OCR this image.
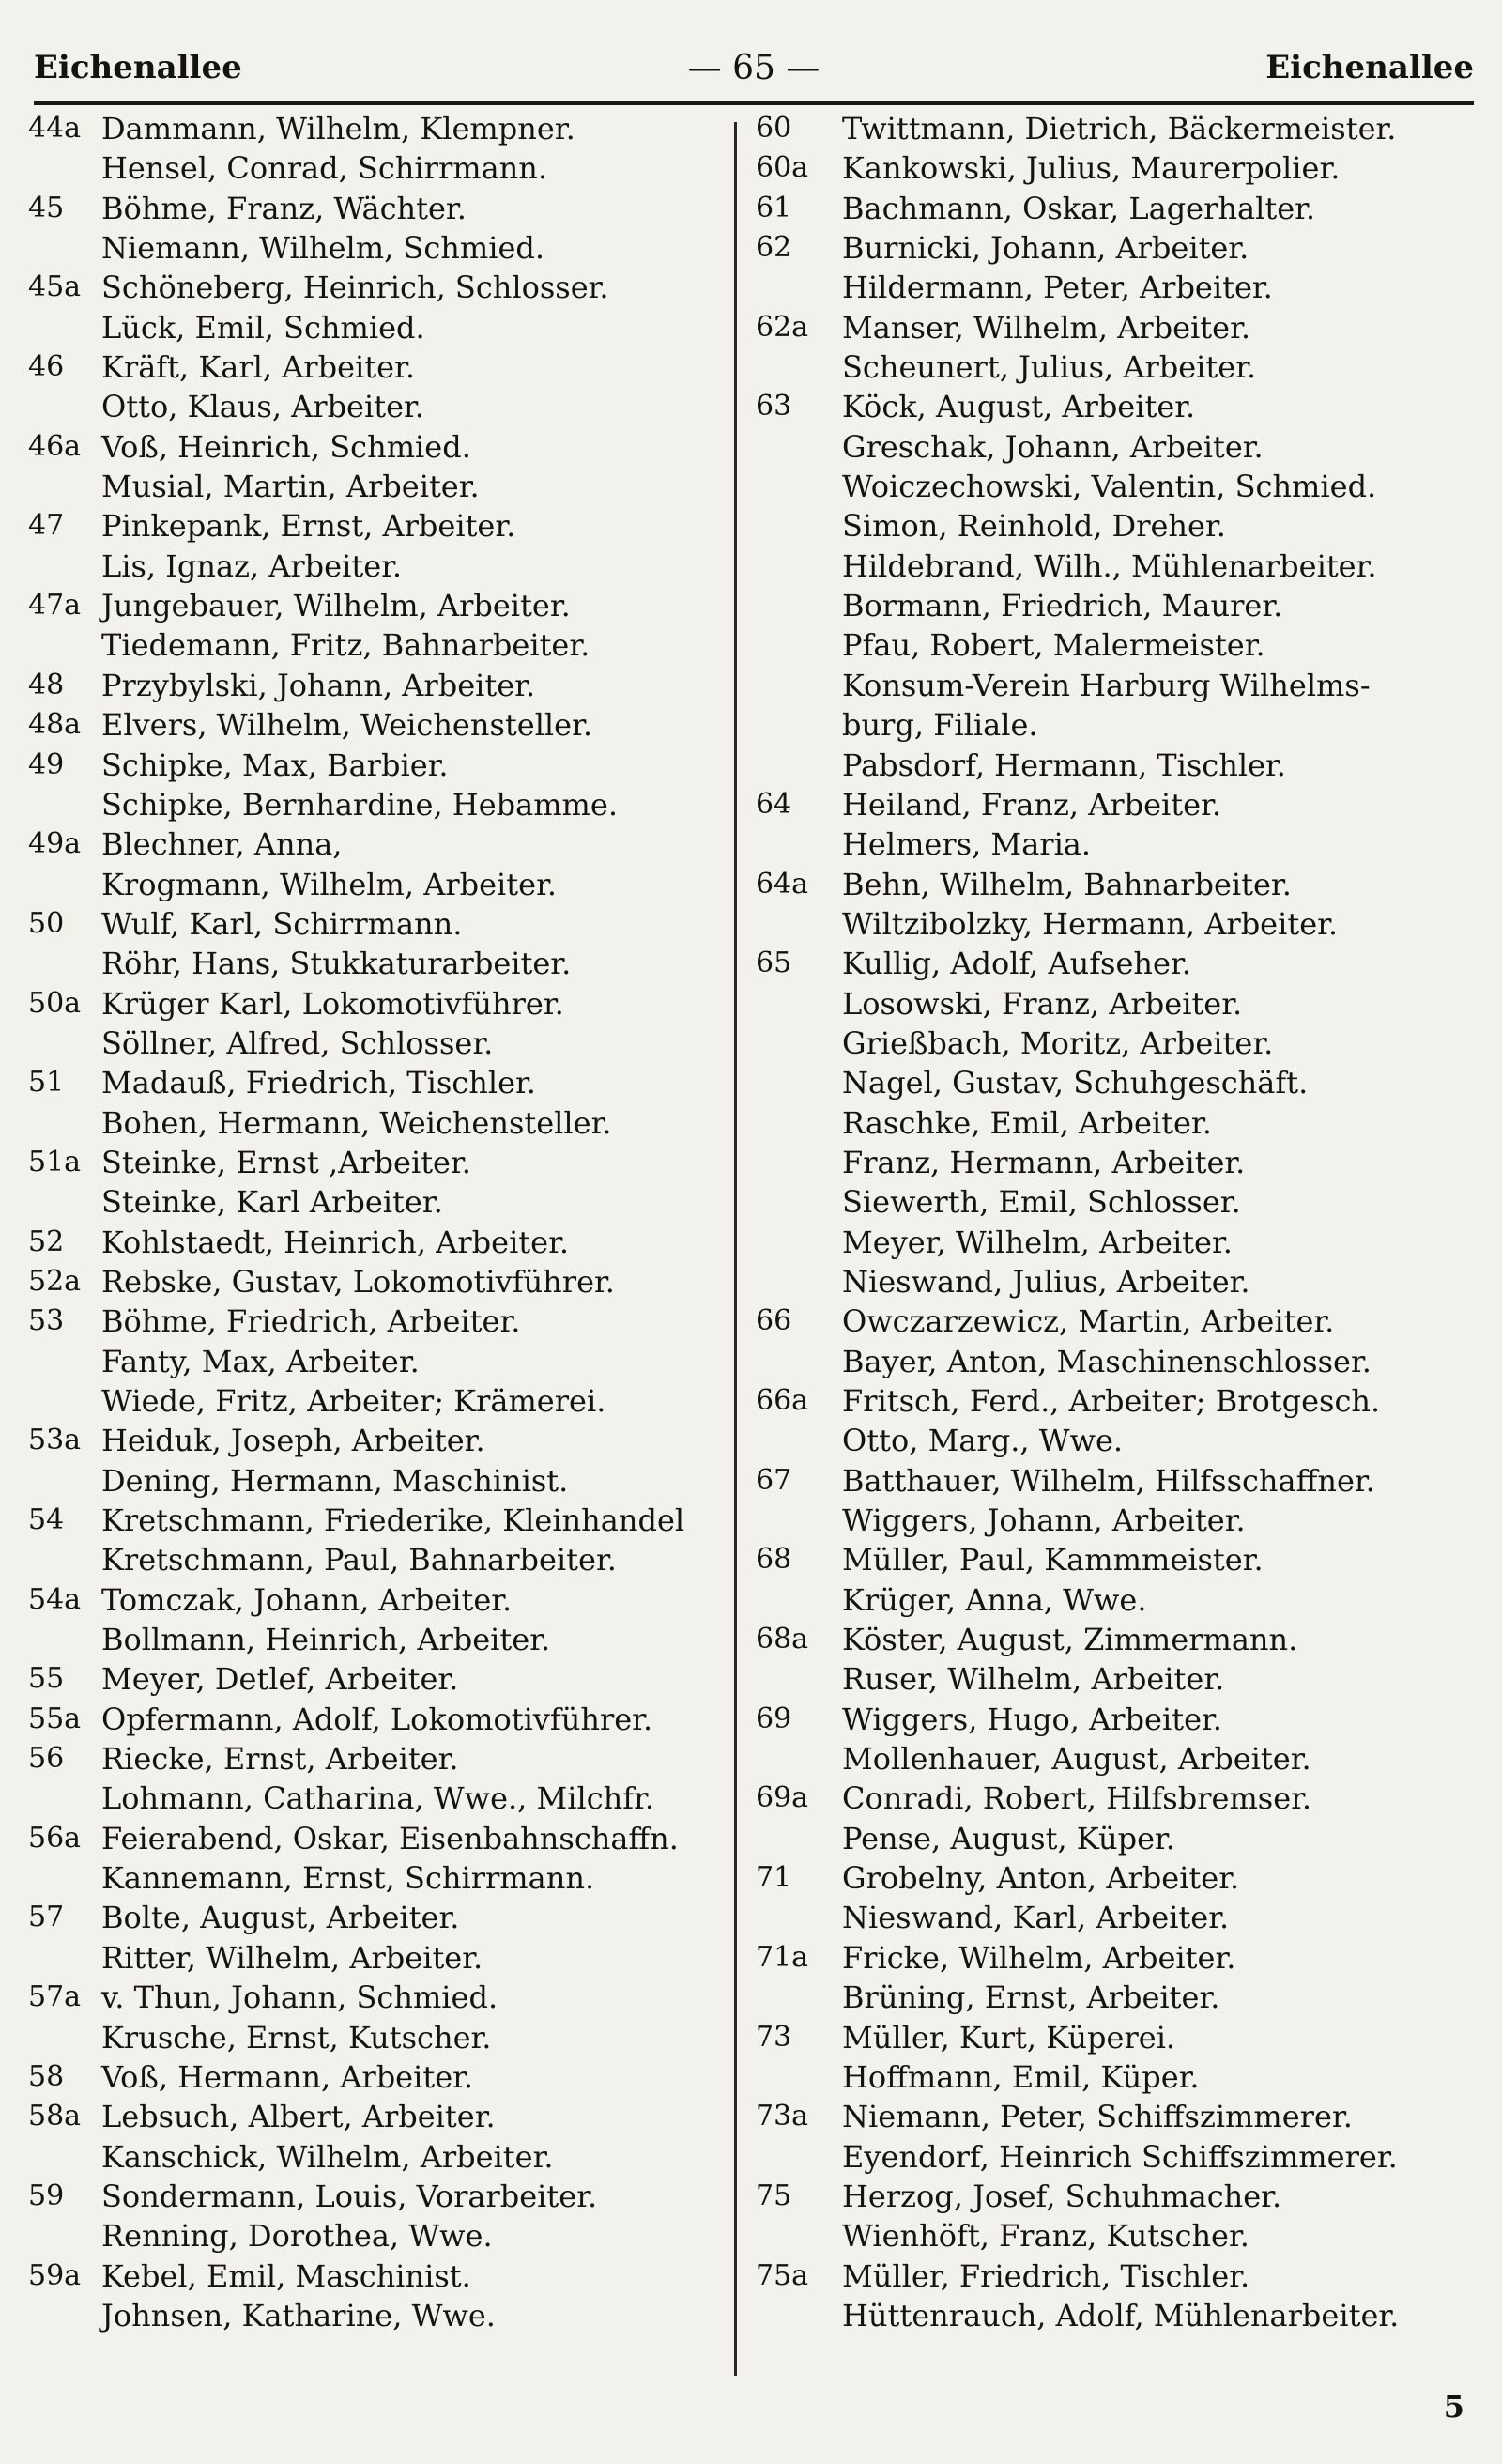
Eichenallee	— 65 —	Eichenallee
44a Dammann, Wilhelm, Klempner.
Hensel, Conrad, Schirrmann.
45 Böhme, Franz, Wächter.
Niemann, Wilhelm, Schmied.
45a Schöneberg, Heinrich, Schlosser.
Lück, Emil, Schmied.
46 Kräft, Karl, Arbeiter.
Otto, Klaus, Arbeiter.
46a Voß, Heinrich, Schmied.
Musial, Martin, Arbeiter.
47 Pinkepank, Ernst, Arbeiter.
Lis, Ignaz, Arbeiter.
47a Jungebauer, Wilhelm, Arbeiter.
Tiedemann, Fritz, Bahnarbeiter.
48 Przybylski, Johann, Arbeiter.
48a Elvers, Wilhelm, Weichensteller.
49 Schipke, Max, Barbier.
Schipke, Bernhardine, Hebamme.
49a Blechner, Anna,
Krogmann, Wilhelm, Arbeiter.
50 Wulf, Karl, Schirrmann.
Röhr, Hans, Stukkaturarbeiter.
50a Krüger Karl, Lokomotivführer.
Söllner, Alfred, Schlosser.
51 Madauß, Friedrich, Tischler.
Bohen, Hermann, Weichensteller.
51a Steinke, Ernst ,Arbeiter.
Steinke, Karl Arbeiter.
52 Kohlstaedt, Heinrich, Arbeiter.
52a Rebske, Gustav, Lokomotivführer.
53 Böhme, Friedrich, Arbeiter.
Fanty, Max, Arbeiter.
Wiede, Fritz, Arbeiter; Krämerei.
53a Heiduk, Joseph, Arbeiter.
Dening, Hermann, Maschinist.
54 Kretschmann, Friederike, Kleinhandel
Kretschmann, Paul, Bahnarbeiter.
54a Tomczak, Johann, Arbeiter.
Bollmann, Heinrich, Arbeiter.
55 Meyer, Detlef, Arbeiter.
55a Opfermann, Adolf, Lokomotivführer.
56 Riecke, Ernst, Arbeiter.
Lohmann, Catharina, Wwe., Milchfr.
56a Feierabend, Oskar, Eisenbahnschaffn.
Kannemann, Ernst, Schirrmann.
57 Bolte, August, Arbeiter.
Ritter, Wilhelm, Arbeiter.
57a v. Thun, Johann, Schmied.
Krusche, Ernst, Kutscher.
58 Voß, Hermann, Arbeiter.
58a Lebsuch, Albert, Arbeiter.
Kanschick, Wilhelm, Arbeiter.
59 Sondermann, Louis, Vorarbeiter.
Renning, Dorothea, Wwe.
59a Kebel, Emil, Maschinist.
Johnsen, Katharine, Wwe.
60 Twittmann, Dietrich, Bäckermeister.
60a Kankowski, Julius, Maurerpolier.
61 Bachmann, Oskar, Lagerhalter.
62 Burnicki, Johann, Arbeiter.
Hildermann, Peter, Arbeiter.
62a Manser, Wilhelm, Arbeiter.
Scheunert, Julius, Arbeiter.
63 Köck, August, Arbeiter.
Greschak, Johann, Arbeiter.
Woiczechowski, Valentin, Schmied.
Simon, Reinhold, Dreher.
Hildebrand, Wilh., Mühlenarbeiter.
Bormann, Friedrich, Maurer.
Pfau, Robert, Malermeister.
Konsum-Verein Harburg Wilhelms-
burg, Filiale.
Pabsdorf, Hermann, Tischler.
64 Heiland, Franz, Arbeiter.
Helmers, Maria.
64a Behn, Wilhelm, Bahnarbeiter.
Wiltzibolzky, Hermann, Arbeiter.
65 Kullig, Adolf, Aufseher.
Losowski, Franz, Arbeiter.
Grießbach, Moritz, Arbeiter.
Nagel, Gustav, Schuhgeschäft.
Raschke, Emil, Arbeiter.
Franz, Hermann, Arbeiter.
Siewerth, Emil, Schlosser.
Meyer, Wilhelm, Arbeiter.
Nieswand, Julius, Arbeiter.
66 Owczarzewicz, Martin, Arbeiter.
Bayer, Anton, Maschinenschlosser.
66a Fritsch, Ferd., Arbeiter; Brotgesch.
Otto, Marg., Wwe.
67 Batthauer, Wilhelm, Hilfsschaffner.
Wiggers, Johann, Arbeiter.
68 Müller, Paul, Kammmeister.
Krüger, Anna, Wwe.
68a Köster, August, Zimmermann.
Ruser, Wilhelm, Arbeiter.
69 Wiggers, Hugo, Arbeiter.
Mollenhauer, August, Arbeiter.
69a Conradi, Robert, Hilfsbremser.
Pense, August, Küper.
71 Grobelny, Anton, Arbeiter.
Nieswand, Karl, Arbeiter.
71a Fricke, Wilhelm, Arbeiter.
Brüning, Ernst, Arbeiter.
73 Müller, Kurt, Küperei.
Hoffmann, Emil, Küper.
73a Niemann, Peter, Schiffszimmerer.
Eyendorf, Heinrich Schiffszimmerer.
75 Herzog, Josef, Schuhmacher.
Wienhöft, Franz, Kutscher.
75a Müller, Friedrich, Tischler.
Hüttenrauch, Adolf, Mühlenarbeiter.
5
